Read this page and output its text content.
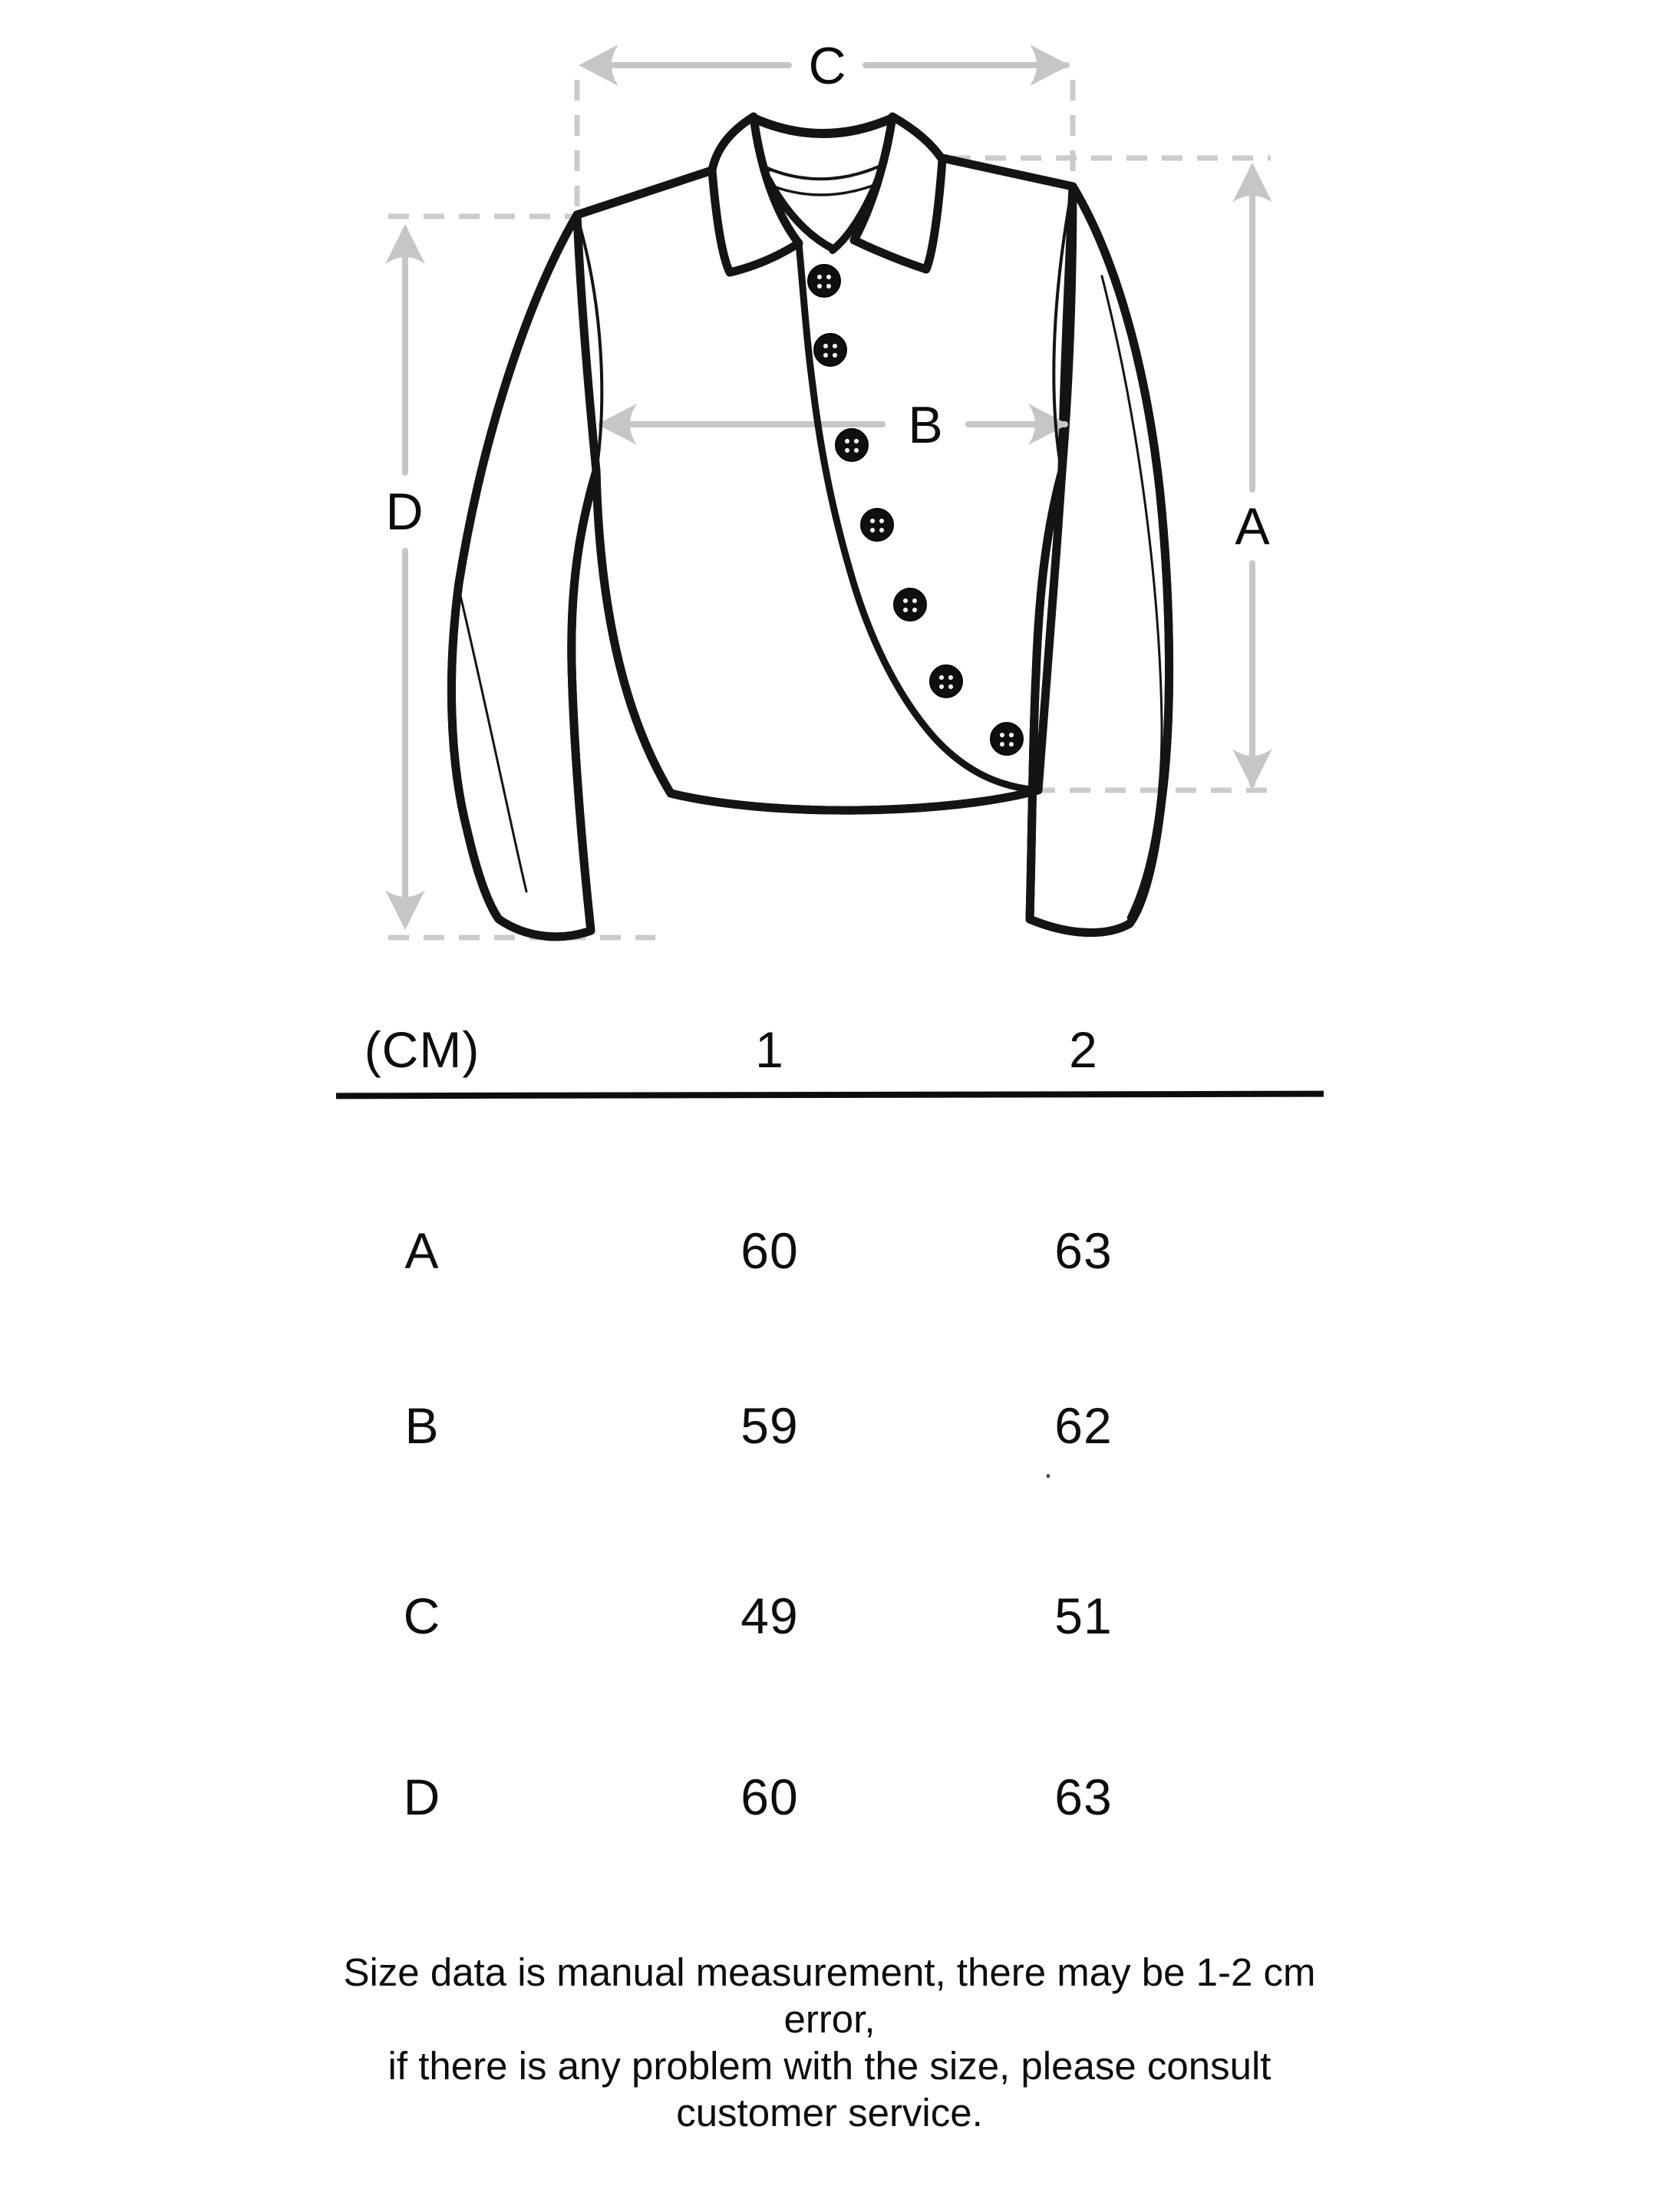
C
B
A
D
(CM)	1	2
A	60	63
B	59	62
.
C	49	51
D	60	63
Size data is manual measurement, there may be 1-2 cm
error,
if there is any problem with the size, please consult
customer service.
